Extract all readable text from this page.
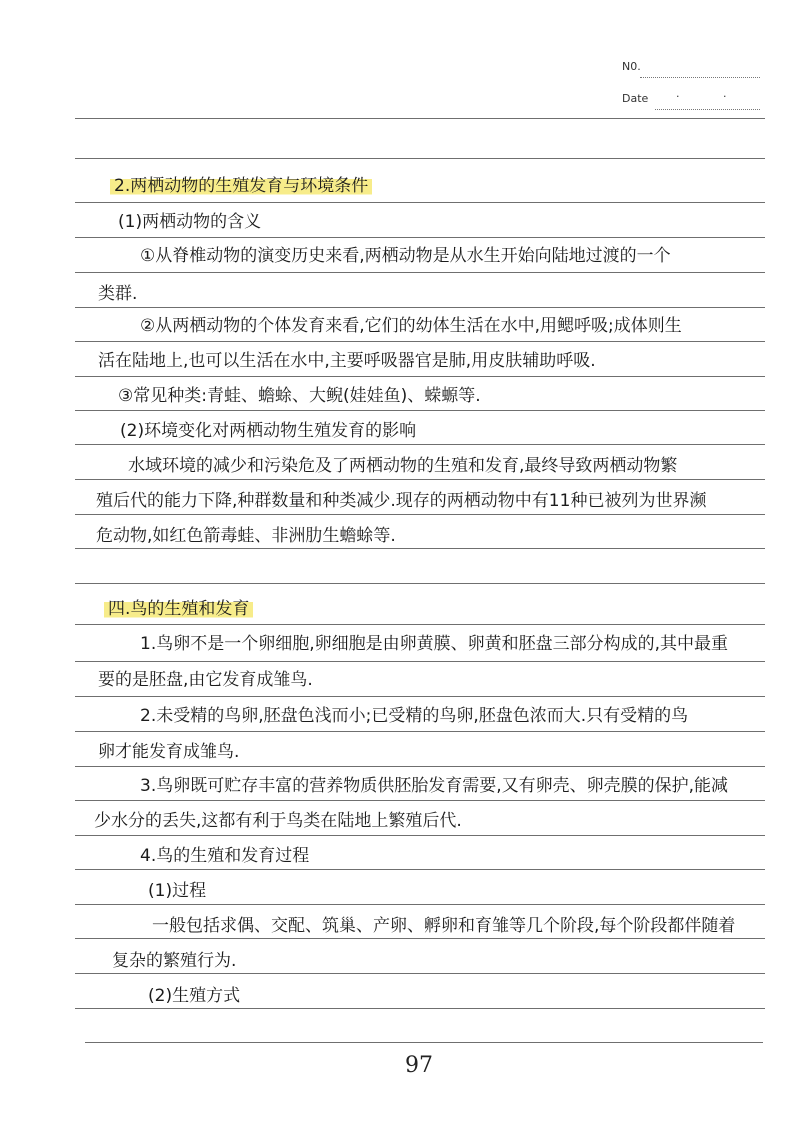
N0.
Date	· ·
2.两栖动物的生殖发育与环境条件
(1)两栖动物的含义
①从脊椎动物的演变历史来看,两栖动物是从水生开始向陆地过渡的一个
类群.
②从两栖动物的个体发育来看,它们的幼体生活在水中,用鳃呼吸;成体则生
活在陆地上,也可以生活在水中,主要呼吸器官是肺,用皮肤辅助呼吸.
③常见种类:青蛙、蟾蜍、大鲵(娃娃鱼)、蝾螈等.
(2)环境变化对两栖动物生殖发育的影响
水域环境的减少和污染危及了两栖动物的生殖和发育,最终导致两栖动物繁
殖后代的能力下降,种群数量和种类减少.现存的两栖动物中有11种已被列为世界濒
危动物,如红色箭毒蛙、非洲肋生蟾蜍等.
四.鸟的生殖和发育
1.鸟卵不是一个卵细胞,卵细胞是由卵黄膜、卵黄和胚盘三部分构成的,其中最重
要的是胚盘,由它发育成雏鸟.
2.未受精的鸟卵,胚盘色浅而小;已受精的鸟卵,胚盘色浓而大.只有受精的鸟
卵才能发育成雏鸟.
3.鸟卵既可贮存丰富的营养物质供胚胎发育需要,又有卵壳、卵壳膜的保护,能减
少水分的丢失,这都有利于鸟类在陆地上繁殖后代.
4.鸟的生殖和发育过程
(1)过程
一般包括求偶、交配、筑巢、产卵、孵卵和育雏等几个阶段,每个阶段都伴随着
复杂的繁殖行为.
(2)生殖方式
97
